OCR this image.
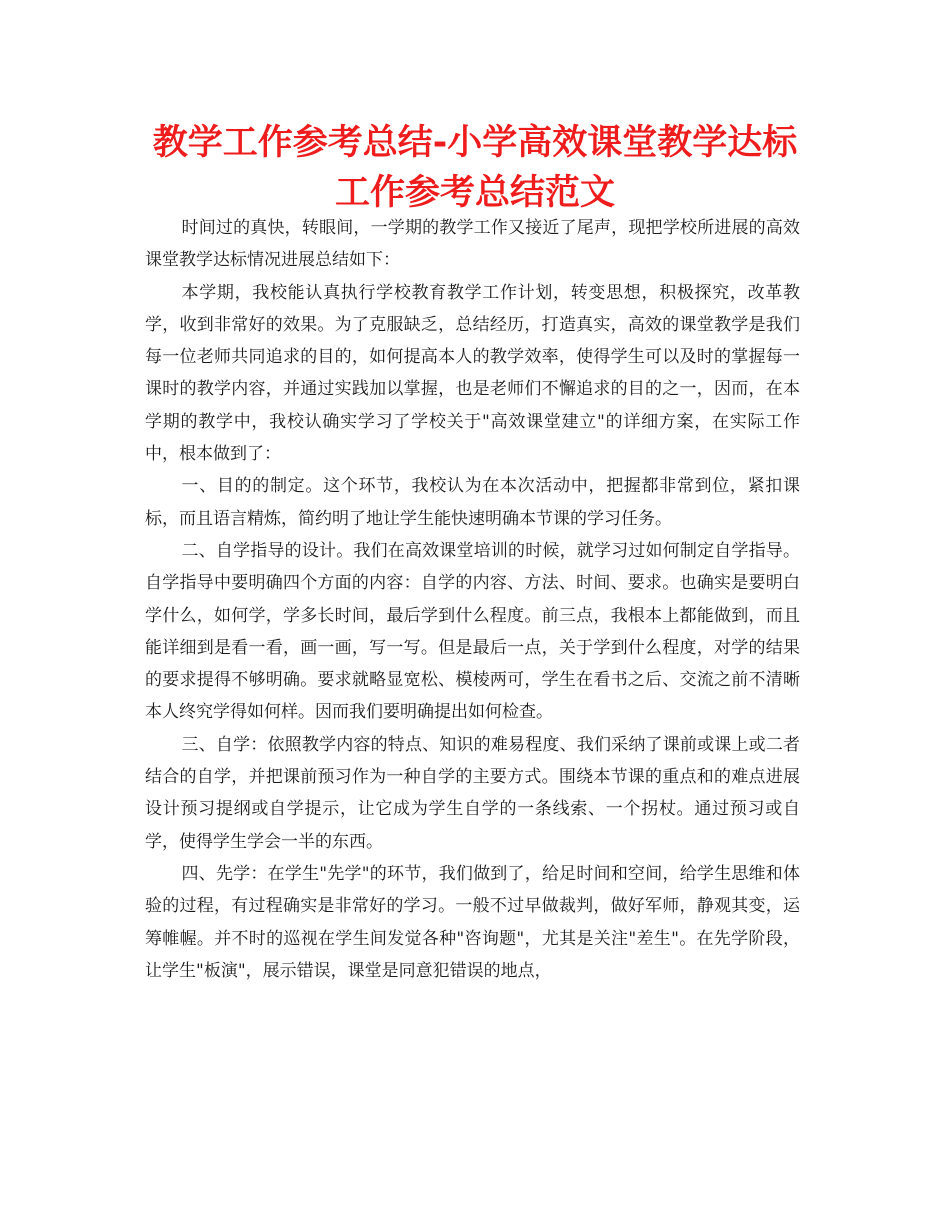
教学工作参考总结-小学高效课堂教学达标工作参考总结范文

时间过的真快，转眼间，一学期的教学工作又接近了尾声，现把学校所进展的高效课堂教学达标情况进展总结如下：

本学期，我校能认真执行学校教育教学工作计划，转变思想，积极探究，改革教学，收到非常好的效果。为了克服缺乏，总结经历，打造真实，高效的课堂教学是我们每一位老师共同追求的目的，如何提高本人的教学效率，使得学生可以及时的掌握每一课时的教学内容，并通过实践加以掌握，也是老师们不懈追求的目的之一，因而，在本学期的教学中，我校认确实学习了学校关于"高效课堂建立"的详细方案，在实际工作中，根本做到了：

一、目的的制定。这个环节，我校认为在本次活动中，把握都非常到位，紧扣课标，而且语言精炼，简约明了地让学生能快速明确本节课的学习任务。

二、自学指导的设计。我们在高效课堂培训的时候，就学习过如何制定自学指导。自学指导中要明确四个方面的内容：自学的内容、方法、时间、要求。也确实是要明白学什么，如何学，学多长时间，最后学到什么程度。前三点，我根本上都能做到，而且能详细到是看一看，画一画，写一写。但是最后一点，关于学到什么程度，对学的结果的要求提得不够明确。要求就略显宽松、模棱两可，学生在看书之后、交流之前不清晰本人终究学得如何样。因而我们要明确提出如何检查。

三、自学：依照教学内容的特点、知识的难易程度、我们采纳了课前或课上或二者结合的自学，并把课前预习作为一种自学的主要方式。围绕本节课的重点和的难点进展设计预习提纲或自学提示，让它成为学生自学的一条线索、一个拐杖。通过预习或自学，使得学生学会一半的东西。

四、先学：在学生"先学"的环节，我们做到了，给足时间和空间，给学生思维和体验的过程，有过程确实是非常好的学习。一般不过早做裁判，做好军师，静观其变，运筹帷幄。并不时的巡视在学生间发觉各种"咨询题"，尤其是关注"差生"。在先学阶段，让学生"板演"，展示错误，课堂是同意犯错误的地点，
